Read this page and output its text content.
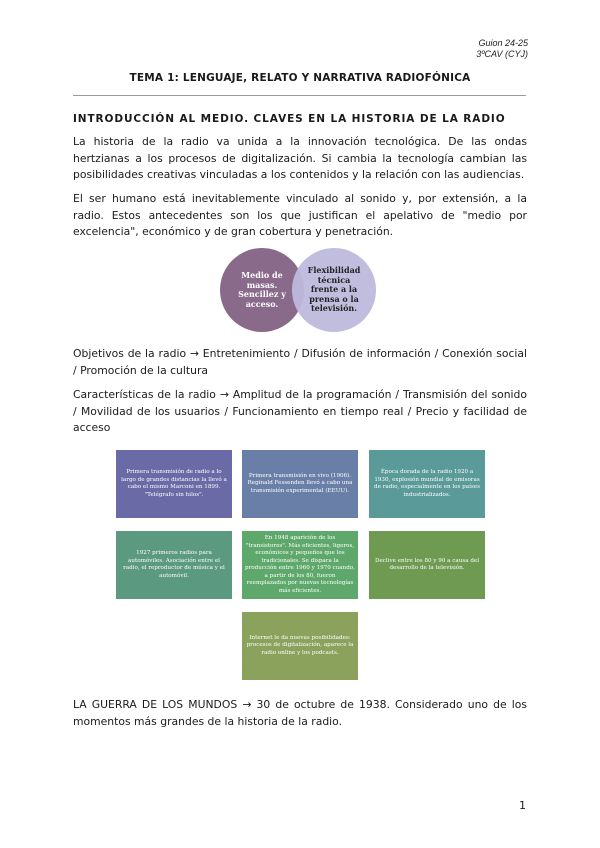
Guion 24-25
3ºCAV (CYJ)
TEMA 1: LENGUAJE, RELATO Y NARRATIVA RADIOFÓNICA
INTRODUCCIÓN AL MEDIO. CLAVES EN LA HISTORIA DE LA RADIO
La historia de la radio va unida a la innovación tecnológica. De las ondas hertzianas a los procesos de digitalización. Si cambia la tecnología cambian las posibilidades creativas vinculadas a los contenidos y la relación con las audiencias.
El ser humano está inevitablemente vinculado al sonido y, por extensión, a la radio. Estos antecedentes son los que justifican el apelativo de "medio por excelencia", económico y de gran cobertura y penetración.
Medio de masas. Sencillez y acceso.
Flexibilidad técnica frente a la prensa o la televisión.
Objetivos de la radio → Entretenimiento / Difusión de información / Conexión social / Promoción de la cultura
Características de la radio → Amplitud de la programación / Transmisión del sonido / Movilidad de los usuarios / Funcionamiento en tiempo real / Precio y facilidad de acceso
Primera transmisión de radio a lo largo de grandes distancias la llevó a cabo el mismo Marconi en 1899. "Telégrafo sin hilos".
Primera transmisión en vivo (1906). Reginald Fessenden llevó a cabo una transmisión experimental (EEUU).
Época dorada de la radio 1920 a 1930, explosión mundial de emisoras de radio, especialmente en los países industrializados.
1927 primeros radios para automóviles. Asociación entre el radio, el reproductor de música y el automóvil.
En 1948 aparición de los "transistores". Más eficientes, ligeros, económicos y pequeños que los tradicionales. Se dispara la producción entre 1960 y 1970 cuando, a partir de los 80, fueron reemplazados por nuevas tecnologías más eficientes.
Declive entre los 80 y 90 a causa del desarrollo de la televisión.
Internet le da nuevas posibilidades: procesos de digitalización, aparece la radio online y los podcasts.
LA GUERRA DE LOS MUNDOS → 30 de octubre de 1938. Considerado uno de los momentos más grandes de la historia de la radio.
1
